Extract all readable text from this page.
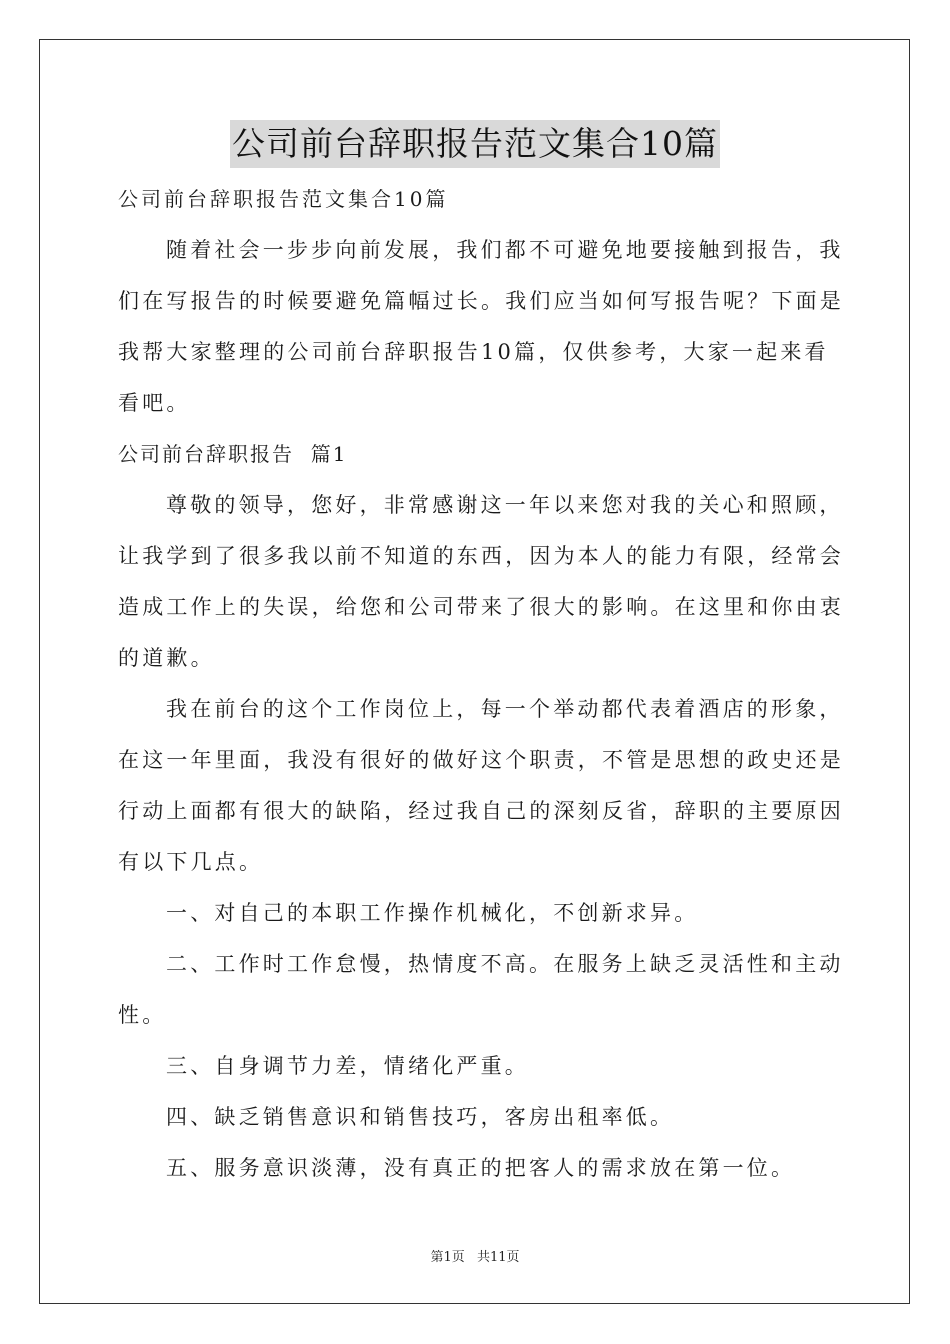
公司前台辞职报告范文集合10篇
公司前台辞职报告范文集合10篇
随着社会一步步向前发展，我们都不可避免地要接触到报告，我
们在写报告的时候要避免篇幅过长。我们应当如何写报告呢？下面是
我帮大家整理的公司前台辞职报告10篇，仅供参考，大家一起来看
看吧。
公司前台辞职报告  篇1
尊敬的领导，您好，非常感谢这一年以来您对我的关心和照顾，
让我学到了很多我以前不知道的东西，因为本人的能力有限，经常会
造成工作上的失误，给您和公司带来了很大的影响。在这里和你由衷
的道歉。
我在前台的这个工作岗位上，每一个举动都代表着酒店的形象，
在这一年里面，我没有很好的做好这个职责，不管是思想的政史还是
行动上面都有很大的缺陷，经过我自己的深刻反省，辞职的主要原因
有以下几点。
一、对自己的本职工作操作机械化，不创新求异。
二、工作时工作怠慢，热情度不高。在服务上缺乏灵活性和主动
性。
三、自身调节力差，情绪化严重。
四、缺乏销售意识和销售技巧，客房出租率低。
五、服务意识淡薄，没有真正的把客人的需求放在第一位。
第1页 共11页
